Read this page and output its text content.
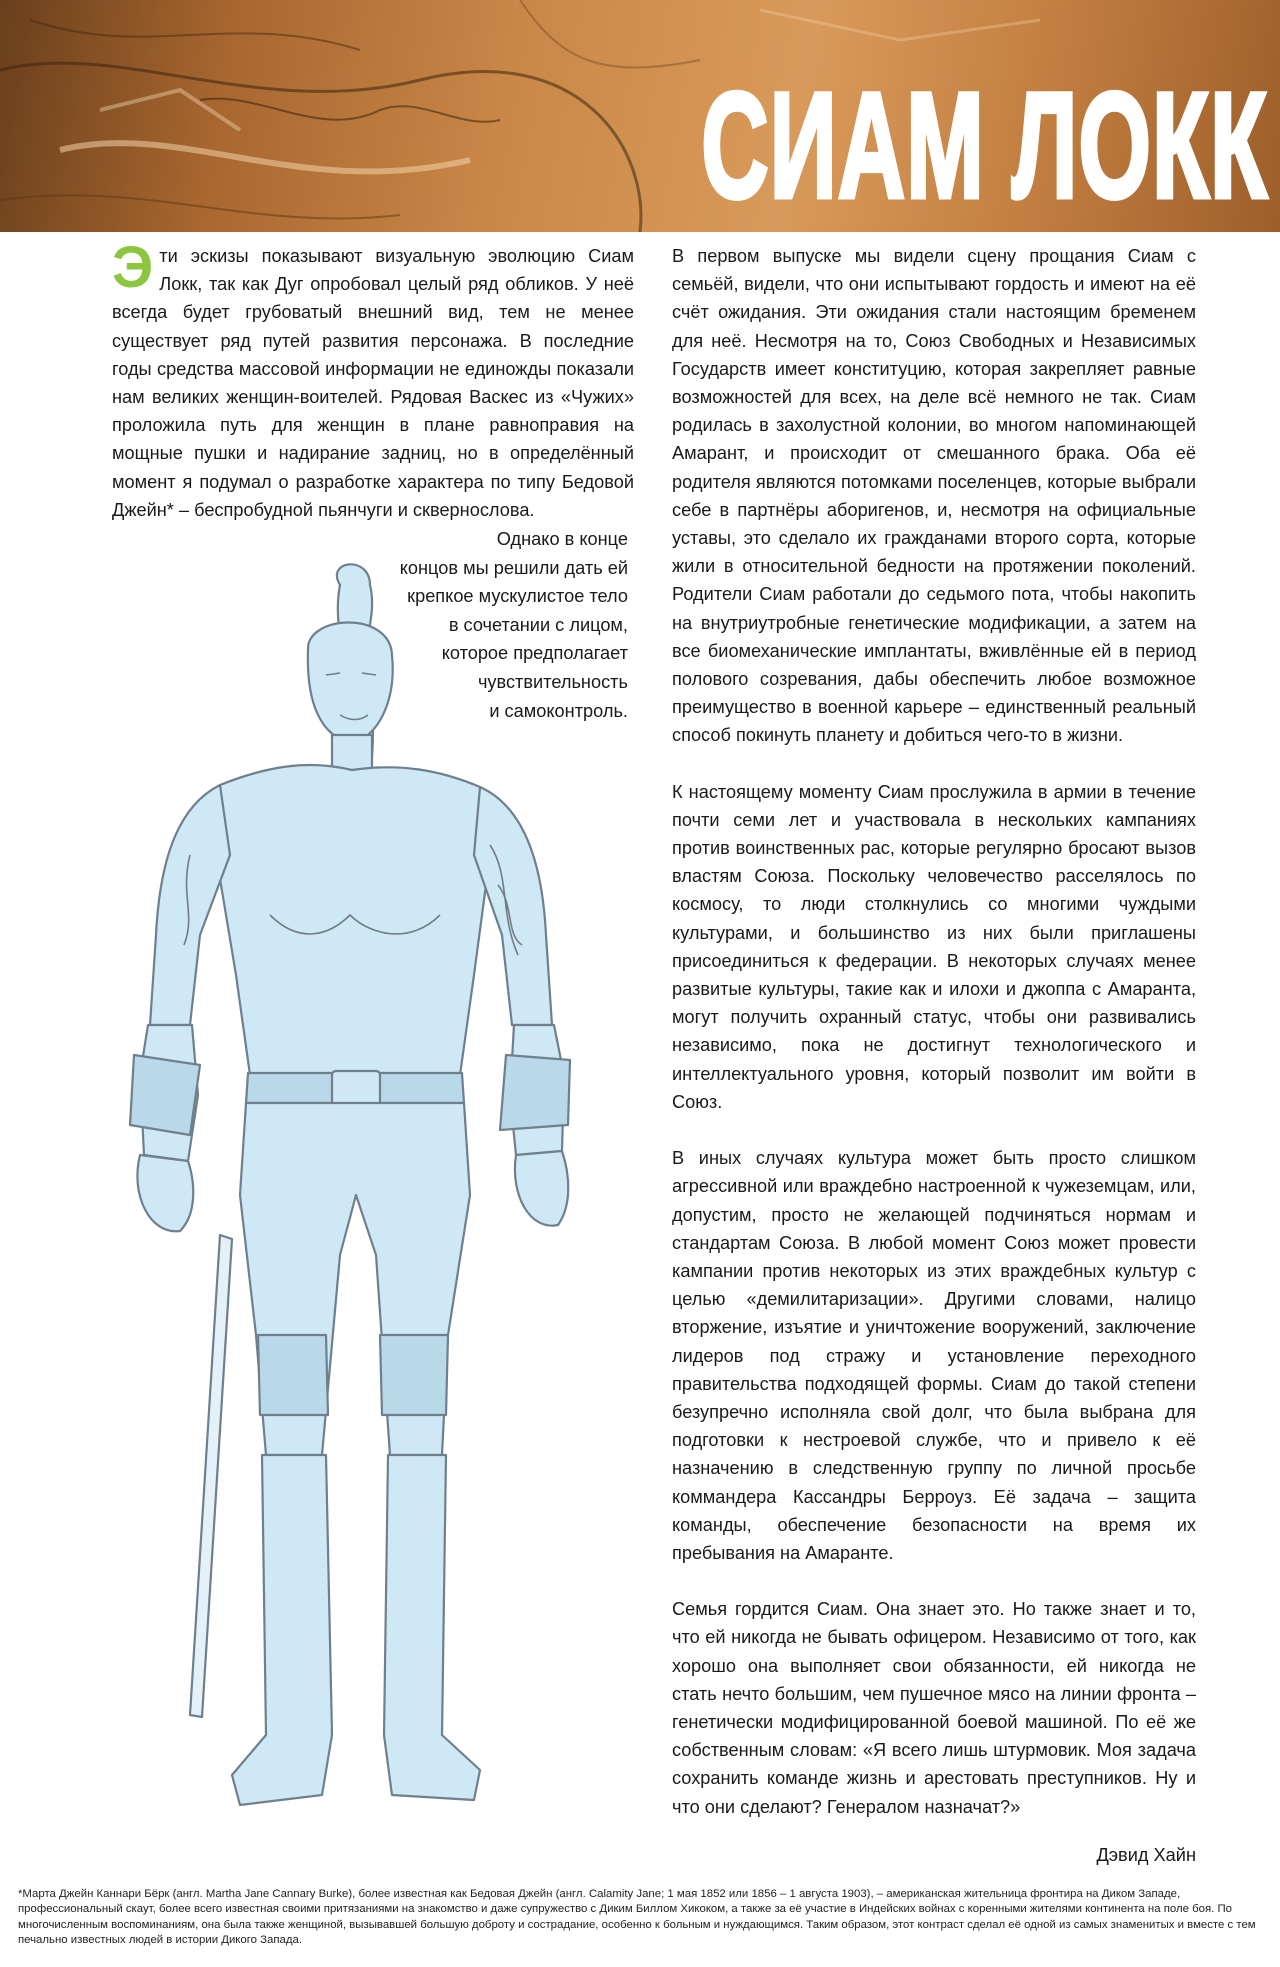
СИАМ ЛОКК
Эти эскизы показывают визуальную эволюцию Сиам Локк, так как Дуг опробовал целый ряд обликов. У неё всегда будет грубоватый внешний вид, тем не менее существует ряд путей развития персонажа. В последние годы средства массовой информации не единожды показали нам великих женщин-воителей. Рядовая Васкес из «Чужих» проложила путь для женщин в плане равноправия на мощные пушки и надирание задниц, но в определённый момент я подумал о разработке характера по типу Бедовой Джейн* – беспробудной пьянчуги и сквернослова.
Однако в конце
концов мы решили дать ей
крепкое мускулистое тело
в сочетании с лицом,
которое предполагает
чувствительность
и самоконтроль.

В первом выпуске мы видели сцену прощания Сиам с семьёй, видели, что они испытывают гордость и имеют на её счёт ожидания. Эти ожидания стали настоящим бременем для неё. Несмотря на то, Союз Свободных и Независимых Государств имеет конституцию, которая закрепляет равные возможностей для всех, на деле всё немного не так. Сиам родилась в захолустной колонии, во многом напоминающей Амарант, и происходит от смешанного брака. Оба её родителя являются потомками поселенцев, которые выбрали себе в партнёры аборигенов, и, несмотря на официальные уставы, это сделало их гражданами второго сорта, которые жили в относительной бедности на протяжении поколений. Родители Сиам работали до седьмого пота, чтобы накопить на внутриутробные генетические модификации, а затем на все биомеханические имплантаты, вживлённые ей в период полового созревания, дабы обеспечить любое возможное преимущество в военной карьере – единственный реальный способ покинуть планету и добиться чего-то в жизни.

К настоящему моменту Сиам прослужила в армии в течение почти семи лет и участвовала в нескольких кампаниях против воинственных рас, которые регулярно бросают вызов властям Союза. Поскольку человечество расселялось по космосу, то люди столкнулись со многими чуждыми культурами, и большинство из них были приглашены присоединиться к федерации. В некоторых случаях менее развитые культуры, такие как и илохи и джоппа с Амаранта, могут получить охранный статус, чтобы они развивались независимо, пока не достигнут технологического и интеллектуального уровня, который позволит им войти в Союз.

В иных случаях культура может быть просто слишком агрессивной или враждебно настроенной к чужеземцам, или, допустим, просто не желающей подчиняться нормам и стандартам Союза. В любой момент Союз может провести кампании против некоторых из этих враждебных культур с целью «демилитаризации». Другими словами, налицо вторжение, изъятие и уничтожение вооружений, заключение лидеров под стражу и установление переходного правительства подходящей формы. Сиам до такой степени безупречно исполняла свой долг, что была выбрана для подготовки к нестроевой службе, что и привело к её назначению в следственную группу по личной просьбе коммандера Кассандры Берроуз. Её задача – защита команды, обеспечение безопасности на время их пребывания на Амаранте.

Семья гордится Сиам. Она знает это. Но также знает и то, что ей никогда не бывать офицером. Независимо от того, как хорошо она выполняет свои обязанности, ей никогда не стать нечто большим, чем пушечное мясо на линии фронта – генетически модифицированной боевой машиной. По её же собственным словам: «Я всего лишь штурмовик. Моя задача сохранить команде жизнь и арестовать преступников. Ну и что они сделают? Генералом назначат?»

Дэвид Хайн
*Марта Джейн Каннари Бёрк (англ. Martha Jane Cannary Burke), более известная как Бедовая Джейн (англ. Calamity Jane; 1 мая 1852 или 1856 – 1 августа 1903), – американская жительница фронтира на Диком Западе, профессиональный скаут, более всего известная своими притязаниями на знакомство и даже супружество с Диким Биллом Хикоком, а также за её участие в Индейских войнах с коренными жителями континента на поле боя. По многочисленным воспоминаниям, она была также женщиной, вызывавшей большую доброту и сострадание, особенно к больным и нуждающимся. Таким образом, этот контраст сделал её одной из самых знаменитых и вместе с тем печально известных людей в истории Дикого Запада.
